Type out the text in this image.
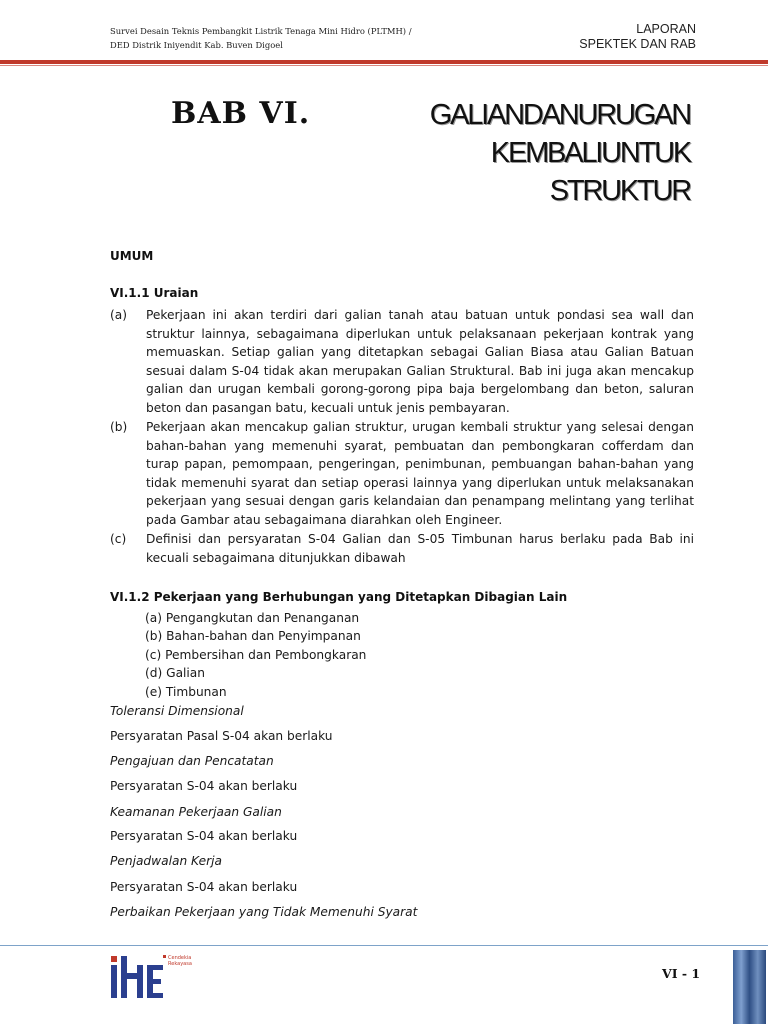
Survei Desain Teknis Pembangkit Listrik Tenaga Mini Hidro (PLTMH) /
DED Distrik Iniyendit Kab. Buven Digoel
LAPORAN
SPEKTEK DAN RAB
BAB VI.	GALIANDANURUGAN
KEMBALIUNTUK
STRUKTUR
UMUM
VI.1.1 Uraian
(a) Pekerjaan ini akan terdiri dari galian tanah atau batuan untuk pondasi sea wall dan struktur lainnya, sebagaimana diperlukan untuk pelaksanaan pekerjaan kontrak yang memuaskan. Setiap galian yang ditetapkan sebagai Galian Biasa atau Galian Batuan sesuai dalam S-04 tidak akan merupakan Galian Struktural. Bab ini juga akan mencakup galian dan urugan kembali gorong-gorong pipa baja bergelombang dan beton, saluran beton dan pasangan batu, kecuali untuk jenis pembayaran.
(b) Pekerjaan akan mencakup galian struktur, urugan kembali struktur yang selesai dengan bahan-bahan yang memenuhi syarat, pembuatan dan pembongkaran cofferdam dan turap papan, pemompaan, pengeringan, penimbunan, pembuangan bahan-bahan yang tidak memenuhi syarat dan setiap operasi lainnya yang diperlukan untuk melaksanakan pekerjaan yang sesuai dengan garis kelandaian dan penampang melintang yang terlihat pada Gambar atau sebagaimana diarahkan oleh Engineer.
(c) Definisi dan persyaratan S-04 Galian dan S-05 Timbunan harus berlaku pada Bab ini kecuali sebagaimana ditunjukkan dibawah
VI.1.2 Pekerjaan yang Berhubungan yang Ditetapkan Dibagian Lain
(a) Pengangkutan dan Penanganan
(b) Bahan-bahan dan Penyimpanan
(c) Pembersihan dan Pembongkaran
(d) Galian
(e) Timbunan
Toleransi Dimensional
Persyaratan Pasal S-04 akan berlaku
Pengajuan dan Pencatatan
Persyaratan S-04 akan berlaku
Keamanan Pekerjaan Galian
Persyaratan S-04 akan berlaku
Penjadwalan Kerja
Persyaratan S-04 akan berlaku
Perbaikan Pekerjaan yang Tidak Memenuhi Syarat
Cendekia
Rekayasa
VI - 1
